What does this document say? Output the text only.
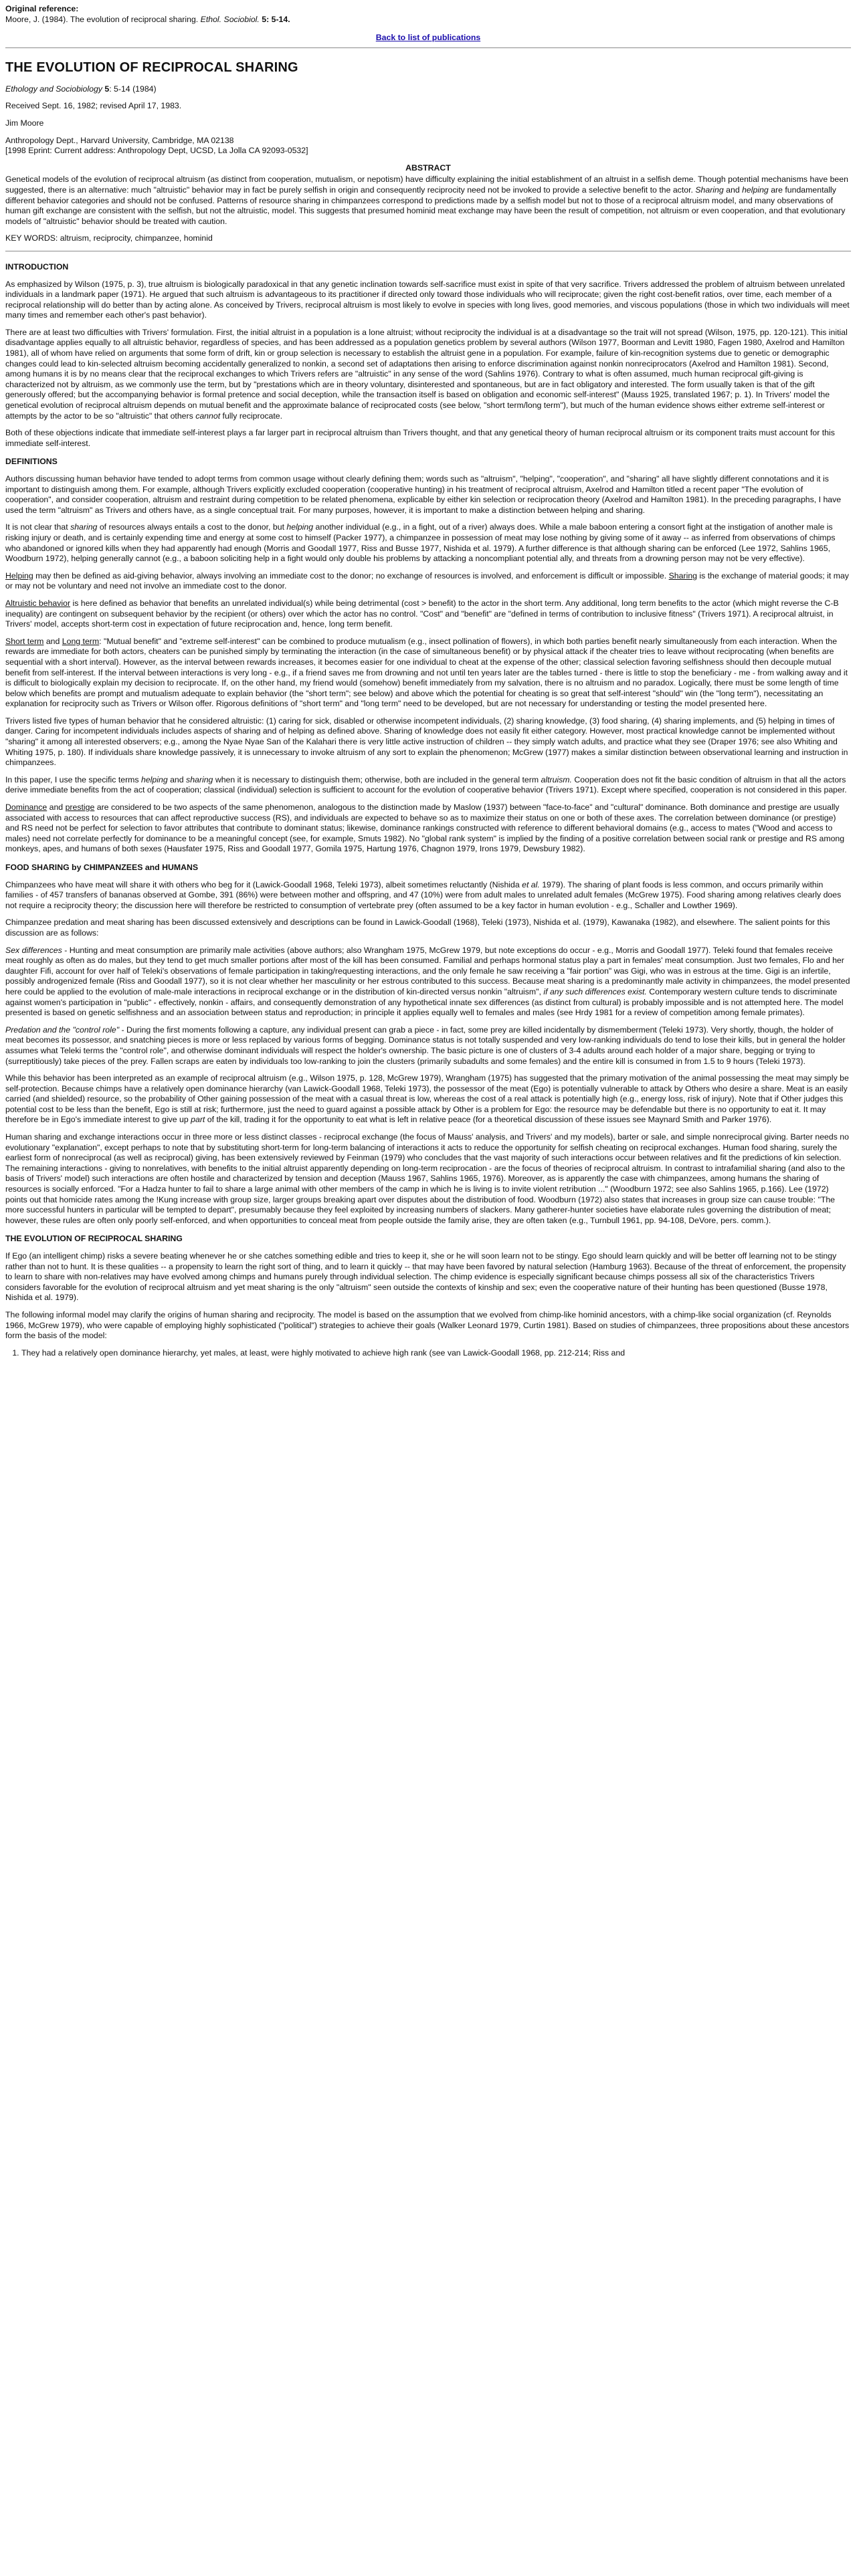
Original reference:

Moore, J. (1984). The evolution of reciprocal sharing. Ethol. Sociobiol. 5: 5-14.

Back to list of publications
THE EVOLUTION OF RECIPROCAL SHARING

Ethology and Sociobiology 5: 5-14 (1984)

Received Sept. 16, 1982; revised April 17, 1983.

Jim Moore

Anthropology Dept., Harvard University, Cambridge, MA 02138
[1998 Eprint: Current address: Anthropology Dept, UCSD, La Jolla CA 92093-0532]

ABSTRACT

Genetical models of the evolution of reciprocal altruism (as distinct from cooperation, mutualism, or nepotism) have difficulty explaining the initial establishment of an altruist in a selfish deme. Though potential mechanisms have been suggested, there is an alternative: much "altruistic" behavior may in fact be purely selfish in origin and consequently reciprocity need not be invoked to provide a selective benefit to the actor. Sharing and helping are fundamentally different behavior categories and should not be confused. Patterns of resource sharing in chimpanzees correspond to predictions made by a selfish model but not to those of a reciprocal altruism model, and many observations of human gift exchange are consistent with the selfish, but not the altruistic, model. This suggests that presumed hominid meat exchange may have been the result of competition, not altruism or even cooperation, and that evolutionary models of "altruistic" behavior should be treated with caution.

KEY WORDS: altruism, reciprocity, chimpanzee, hominid

INTRODUCTION

As emphasized by Wilson (1975, p. 3), true altruism is biologically paradoxical in that any genetic inclination towards self-sacrifice must exist in spite of that very sacrifice. Trivers addressed the problem of altruism between unrelated individuals in a landmark paper (1971). He argued that such altruism is advantageous to its practitioner if directed only toward those individuals who will reciprocate; given the right cost-benefit ratios, over time, each member of a reciprocal relationship will do better than by acting alone. As conceived by Trivers, reciprocal altruism is most likely to evolve in species with long lives, good memories, and viscous populations (those in which two individuals will meet many times and remember each other's past behavior).

There are at least two difficulties with Trivers' formulation. First, the initial altruist in a population is a lone altruist; without reciprocity the individual is at a disadvantage so the trait will not spread (Wilson, 1975, pp. 120-121). This initial disadvantage applies equally to all altruistic behavior, regardless of species, and has been addressed as a population genetics problem by several authors (Wilson 1977, Boorman and Levitt 1980, Fagen 1980, Axelrod and Hamilton 1981), all of whom have relied on arguments that some form of drift, kin or group selection is necessary to establish the altruist gene in a population. For example, failure of kin-recognition systems due to genetic or demographic changes could lead to kin-selected altruism becoming accidentally generalized to nonkin, a second set of adaptations then arising to enforce discrimination against nonkin nonreciprocators (Axelrod and Hamilton 1981). Second, among humans it is by no means clear that the reciprocal exchanges to which Trivers refers are "altruistic" in any sense of the word (Sahlins 1976). Contrary to what is often assumed, much human reciprocal gift-giving is characterized not by altruism, as we commonly use the term, but by "prestations which are in theory voluntary, disinterested and spontaneous, but are in fact obligatory and interested. The form usually taken is that of the gift generously offered; but the accompanying behavior is formal pretence and social deception, while the transaction itself is based on obligation and economic self-interest" (Mauss 1925, translated 1967; p. 1). In Trivers' model the genetical evolution of reciprocal altruism depends on mutual benefit and the approximate balance of reciprocated costs (see below, "short term/long term"), but much of the human evidence shows either extreme self-interest or attempts by the actor to be so "altruistic" that others cannot fully reciprocate.

Both of these objections indicate that immediate self-interest plays a far larger part in reciprocal altruism than Trivers thought, and that any genetical theory of human reciprocal altruism or its component traits must account for this immediate self-interest.

DEFINITIONS

Authors discussing human behavior have tended to adopt terms from common usage without clearly defining them; words such as "altruism", "helping", "cooperation", and "sharing" all have slightly different connotations and it is important to distinguish among them. For example, although Trivers explicitly excluded cooperation (cooperative hunting) in his treatment of reciprocal altruism, Axelrod and Hamilton titled a recent paper "The evolution of cooperation", and consider cooperation, altruism and restraint during competition to be related phenomena, explicable by either kin selection or reciprocation theory (Axelrod and Hamilton 1981). In the preceding paragraphs, I have used the term "altruism" as Trivers and others have, as a single conceptual trait. For many purposes, however, it is important to make a distinction between helping and sharing.

It is not clear that sharing of resources always entails a cost to the donor, but helping another individual (e.g., in a fight, out of a river) always does. While a male baboon entering a consort fight at the instigation of another male is risking injury or death, and is certainly expending time and energy at some cost to himself (Packer 1977), a chimpanzee in possession of meat may lose nothing by giving some of it away -- as inferred from observations of chimps who abandoned or ignored kills when they had apparently had enough (Morris and Goodall 1977, Riss and Busse 1977, Nishida et al. 1979). A further difference is that although sharing can be enforced (Lee 1972, Sahlins 1965, Woodburn 1972), helping generally cannot (e.g., a baboon soliciting help in a fight would only double his problems by attacking a noncompliant potential ally, and threats from a drowning person may not be very effective).

Helping may then be defined as aid-giving behavior, always involving an immediate cost to the donor; no exchange of resources is involved, and enforcement is difficult or impossible. Sharing is the exchange of material goods; it may or may not be voluntary and need not involve an immediate cost to the donor.

Altruistic behavior is here defined as behavior that benefits an unrelated individual(s) while being detrimental (cost > benefit) to the actor in the short term. Any additional, long term benefits to the actor (which might reverse the C-B inequality) are contingent on subsequent behavior by the recipient (or others) over which the actor has no control. "Cost" and "benefit" are "defined in terms of contribution to inclusive fitness" (Trivers 1971). A reciprocal altruist, in Trivers' model, accepts short-term cost in expectation of future reciprocation and, hence, long term benefit.

Short term and Long term: "Mutual benefit" and "extreme self-interest" can be combined to produce mutualism (e.g., insect pollination of flowers), in which both parties benefit nearly simultaneously from each interaction. When the rewards are immediate for both actors, cheaters can be punished simply by terminating the interaction (in the case of simultaneous benefit) or by physical attack if the cheater tries to leave without reciprocating (when benefits are sequential with a short interval). However, as the interval between rewards increases, it becomes easier for one individual to cheat at the expense of the other; classical selection favoring selfishness should then decouple mutual benefit from self-interest. If the interval between interactions is very long - e.g., if a friend saves me from drowning and not until ten years later are the tables turned - there is little to stop the beneficiary - me - from walking away and it is difficult to biologically explain my decision to reciprocate. If, on the other hand, my friend would (somehow) benefit immediately from my salvation, there is no altruism and no paradox. Logically, there must be some length of time below which benefits are prompt and mutualism adequate to explain behavior (the "short term"; see below) and above which the potential for cheating is so great that self-interest "should" win (the "long term"), necessitating an explanation for reciprocity such as Trivers or Wilson offer. Rigorous definitions of "short term" and "long term" need to be developed, but are not necessary for understanding or testing the model presented here.

Trivers listed five types of human behavior that he considered altruistic: (1) caring for sick, disabled or otherwise incompetent individuals, (2) sharing knowledge, (3) food sharing, (4) sharing implements, and (5) helping in times of danger. Caring for incompetent individuals includes aspects of sharing and of helping as defined above. Sharing of knowledge does not easily fit either category. However, most practical knowledge cannot be implemented without "sharing" it among all interested observers; e.g., among the Nyae Nyae San of the Kalahari there is very little active instruction of children -- they simply watch adults, and practice what they see (Draper 1976; see also Whiting and Whiting 1975, p. 180). If individuals share knowledge passively, it is unnecessary to invoke altruism of any sort to explain the phenomenon; McGrew (1977) makes a similar distinction between observational learning and instruction in chimpanzees.

In this paper, I use the specific terms helping and sharing when it is necessary to distinguish them; otherwise, both are included in the general term altruism. Cooperation does not fit the basic condition of altruism in that all the actors derive immediate benefits from the act of cooperation; classical (individual) selection is sufficient to account for the evolution of cooperative behavior (Trivers 1971). Except where specified, cooperation is not considered in this paper.

Dominance and prestige are considered to be two aspects of the same phenomenon, analogous to the distinction made by Maslow (1937) between "face-to-face" and "cultural" dominance. Both dominance and prestige are usually associated with access to resources that can affect reproductive success (RS), and individuals are expected to behave so as to maximize their status on one or both of these axes. The correlation between dominance (or prestige) and RS need not be perfect for selection to favor attributes that contribute to dominant status; likewise, dominance rankings constructed with reference to different behavioral domains (e.g., access to mates ("Wood and access to males) need not correlate perfectly for dominance to be a meaningful concept (see, for example, Smuts 1982). No "global rank system" is implied by the finding of a positive correlation between social rank or prestige and RS among monkeys, apes, and humans of both sexes (Hausfater 1975, Riss and Goodall 1977, Gomila 1975, Hartung 1976, Chagnon 1979, Irons 1979, Dewsbury 1982).

FOOD SHARING by CHIMPANZEES and HUMANS

Chimpanzees who have meat will share it with others who beg for it (Lawick-Goodall 1968, Teleki 1973), albeit sometimes reluctantly (Nishida et al. 1979). The sharing of plant foods is less common, and occurs primarily within families - of 457 transfers of bananas observed at Gombe, 391 (86%) were between mother and offspring, and 47 (10%) were from adult males to unrelated adult females (McGrew 1975). Food sharing among relatives clearly does not require a reciprocity theory; the discussion here will therefore be restricted to consumption of vertebrate prey (often assumed to be a key factor in human evolution - e.g., Schaller and Lowther 1969).

Chimpanzee predation and meat sharing has been discussed extensively and descriptions can be found in Lawick-Goodall (1968), Teleki (1973), Nishida et al. (1979), Kawanaka (1982), and elsewhere. The salient points for this discussion are as follows:

Sex differences - Hunting and meat consumption are primarily male activities (above authors; also Wrangham 1975, McGrew 1979, but note exceptions do occur - e.g., Morris and Goodall 1977). Teleki found that females receive meat roughly as often as do males, but they tend to get much smaller portions after most of the kill has been consumed. Familial and perhaps hormonal status play a part in females' meat consumption. Just two females, Flo and her daughter Fifi, account for over half of Teleki's observations of female participation in taking/requesting interactions, and the only female he saw receiving a "fair portion" was Gigi, who was in estrous at the time. Gigi is an infertile, possibly androgenized female (Riss and Goodall 1977), so it is not clear whether her masculinity or her estrous contributed to this success. Because meat sharing is a predominantly male activity in chimpanzees, the model presented here could be applied to the evolution of male-male interactions in reciprocal exchange or in the distribution of kin-directed versus nonkin "altruism", if any such differences exist. Contemporary western culture tends to discriminate against women's participation in "public" - effectively, nonkin - affairs, and consequently demonstration of any hypothetical innate sex differences (as distinct from cultural) is probably impossible and is not attempted here. The model presented is based on genetic selfishness and an association between status and reproduction; in principle it applies equally well to females and males (see Hrdy 1981 for a review of competition among female primates).

Predation and the "control role" - During the first moments following a capture, any individual present can grab a piece - in fact, some prey are killed incidentally by dismemberment (Teleki 1973). Very shortly, though, the holder of meat becomes its possessor, and snatching pieces is more or less replaced by various forms of begging. Dominance status is not totally suspended and very low-ranking individuals do tend to lose their kills, but in general the holder assumes what Teleki terms the "control role", and otherwise dominant individuals will respect the holder's ownership. The basic picture is one of clusters of 3-4 adults around each holder of a major share, begging or trying to (surreptitiously) take pieces of the prey. Fallen scraps are eaten by individuals too low-ranking to join the clusters (primarily subadults and some females) and the entire kill is consumed in from 1.5 to 9 hours (Teleki 1973).

While this behavior has been interpreted as an example of reciprocal altruism (e.g., Wilson 1975, p. 128, McGrew 1979), Wrangham (1975) has suggested that the primary motivation of the animal possessing the meat may simply be self-protection. Because chimps have a relatively open dominance hierarchy (van Lawick-Goodall 1968, Teleki 1973), the possessor of the meat (Ego) is potentially vulnerable to attack by Others who desire a share. Meat is an easily carried (and shielded) resource, so the probability of Other gaining possession of the meat with a casual threat is low, whereas the cost of a real attack is potentially high (e.g., energy loss, risk of injury). Note that if Other judges this potential cost to be less than the benefit, Ego is still at risk; furthermore, just the need to guard against a possible attack by Other is a problem for Ego: the resource may be defendable but there is no opportunity to eat it. It may therefore be in Ego's immediate interest to give up part of the kill, trading it for the opportunity to eat what is left in relative peace (for a theoretical discussion of these issues see Maynard Smith and Parker 1976).

Human sharing and exchange interactions occur in three more or less distinct classes - reciprocal exchange (the focus of Mauss' analysis, and Trivers' and my models), barter or sale, and simple nonreciprocal giving. Barter needs no evolutionary "explanation", except perhaps to note that by substituting short-term for long-term balancing of interactions it acts to reduce the opportunity for selfish cheating on reciprocal exchanges. Human food sharing, surely the earliest form of nonreciprocal (as well as reciprocal) giving, has been extensively reviewed by Feinman (1979) who concludes that the vast majority of such interactions occur between relatives and fit the predictions of kin selection. The remaining interactions - giving to nonrelatives, with benefits to the initial altruist apparently depending on long-term reciprocation - are the focus of theories of reciprocal altruism. In contrast to intrafamilial sharing (and also to the basis of Trivers' model) such interactions are often hostile and characterized by tension and deception (Mauss 1967, Sahlins 1965, 1976). Moreover, as is apparently the case with chimpanzees, among humans the sharing of resources is socially enforced. "For a Hadza hunter to fail to share a large animal with other members of the camp in which he is living is to invite violent retribution ..." (Woodburn 1972; see also Sahlins 1965, p.166). Lee (1972) points out that homicide rates among the !Kung increase with group size, larger groups breaking apart over disputes about the distribution of food. Woodburn (1972) also states that increases in group size can cause trouble: "The more successful hunters in particular will be tempted to depart", presumably because they feel exploited by increasing numbers of slackers. Many gatherer-hunter societies have elaborate rules governing the distribution of meat; however, these rules are often only poorly self-enforced, and when opportunities to conceal meat from people outside the family arise, they are often taken (e.g., Turnbull 1961, pp. 94-108, DeVore, pers. comm.).

THE EVOLUTION OF RECIPROCAL SHARING

If Ego (an intelligent chimp) risks a severe beating whenever he or she catches something edible and tries to keep it, she or he will soon learn not to be stingy. Ego should learn quickly and will be better off learning not to be stingy rather than not to hunt. It is these qualities -- a propensity to learn the right sort of thing, and to learn it quickly -- that may have been favored by natural selection (Hamburg 1963). Because of the threat of enforcement, the propensity to learn to share with non-relatives may have evolved among chimps and humans purely through individual selection. The chimp evidence is especially significant because chimps possess all six of the characteristics Trivers considers favorable for the evolution of reciprocal altruism and yet meat sharing is the only "altruism" seen outside the contexts of kinship and sex; even the cooperative nature of their hunting has been questioned (Busse 1978, Nishida et al. 1979).

The following informal model may clarify the origins of human sharing and reciprocity. The model is based on the assumption that we evolved from chimp-like hominid ancestors, with a chimp-like social organization (cf. Reynolds 1966, McGrew 1979), who were capable of employing highly sophisticated ("political") strategies to achieve their goals (Walker Leonard 1979, Curtin 1981). Based on studies of chimpanzees, three propositions about these ancestors form the basis of the model:

1. They had a relatively open dominance hierarchy, yet males, at least, were highly motivated to achieve high rank (see van Lawick-Goodall 1968, pp. 212-214; Riss and
